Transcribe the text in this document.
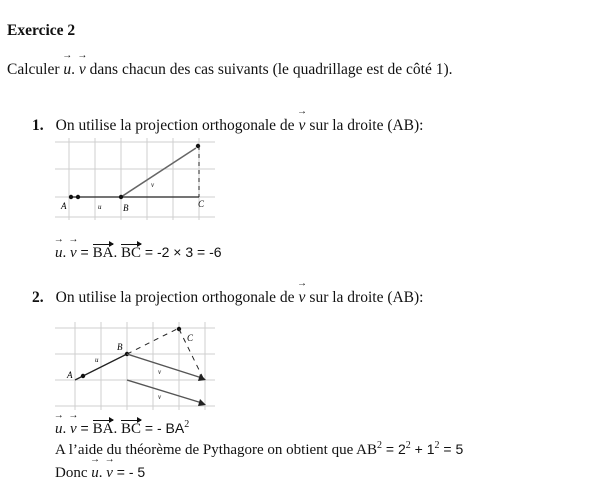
Exercice 2
Calculer → u. → v dans chacun des cas suivants (le quadrillage est de côté 1).
1. On utilise la projection orthogonale de → v sur la droite (AB):
A	B	C
u
v
→ u. → v = BA. BC = -2 × 3 = -6
2. On utilise la projection orthogonale de → v sur la droite (AB):
A
B
C
u
v
v
→ u. → v = BA. BC = - $BA^2$
A l’aide du théorème de Pythagore on obtient que $AB^2 = 2^2 + 1^2 = 5$
Donc → u. → v = - 5
